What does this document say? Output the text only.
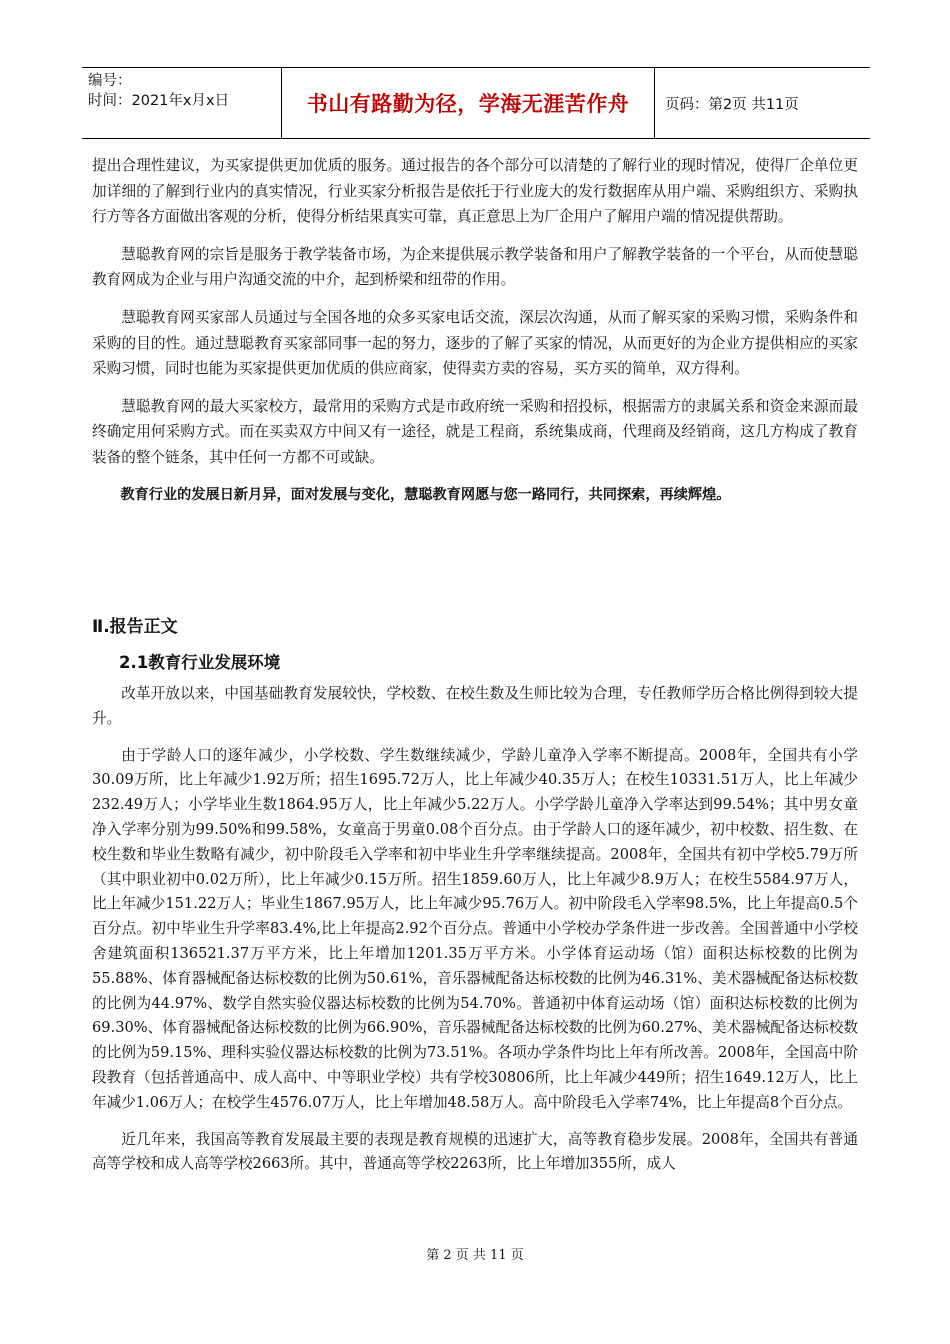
编号：
时间：2021年x月x日	书山有路勤为径，学海无涯苦作舟 页码：第2页 共11页

提出合理性建议，为买家提供更加优质的服务。通过报告的各个部分可以清楚的了解行业的现时情况，使得厂企单位更加详细的了解到行业内的真实情况，行业买家分析报告是依托于行业庞大的发行数据库从用户端、采购组织方、采购执行方等各方面做出客观的分析，使得分析结果真实可靠，真正意思上为厂企用户了解用户端的情况提供帮助。

慧聪教育网的宗旨是服务于教学装备市场，为企来提供展示教学装备和用户了解教学装备的一个平台，从而使慧聪教育网成为企业与用户沟通交流的中介，起到桥梁和纽带的作用。

慧聪教育网买家部人员通过与全国各地的众多买家电话交流，深层次沟通，从而了解买家的采购习惯，采购条件和采购的目的性。通过慧聪教育买家部同事一起的努力，逐步的了解了买家的情况，从而更好的为企业方提供相应的买家采购习惯，同时也能为买家提供更加优质的供应商家，使得卖方卖的容易，买方买的简单，双方得利。

慧聪教育网的最大买家校方，最常用的采购方式是市政府统一采购和招投标，根据需方的隶属关系和资金来源而最终确定用何采购方式。而在买卖双方中间又有一途径，就是工程商，系统集成商，代理商及经销商，这几方构成了教育装备的整个链条，其中任何一方都不可或缺。

教育行业的发展日新月异，面对发展与变化，慧聪教育网愿与您一路同行，共同探索，再续辉煌。

Ⅱ.报告正文
2.1教育行业发展环境

改革开放以来，中国基础教育发展较快，学校数、在校生数及生师比较为合理，专任教师学历合格比例得到较大提升。

由于学龄人口的逐年减少，小学校数、学生数继续减少，学龄儿童净入学率不断提高。2008年，全国共有小学30.09万所，比上年减少1.92万所；招生1695.72万人，比上年减少40.35万人；在校生10331.51万人，比上年减少232.49万人；小学毕业生数1864.95万人，比上年减少5.22万人。小学学龄儿童净入学率达到99.54%；其中男女童净入学率分别为99.50%和99.58%，女童高于男童0.08个百分点。由于学龄人口的逐年减少，初中校数、招生数、在校生数和毕业生数略有减少，初中阶段毛入学率和初中毕业生升学率继续提高。2008年，全国共有初中学校5.79万所（其中职业初中0.02万所），比上年减少0.15万所。招生1859.60万人，比上年减少8.9万人；在校生5584.97万人，比上年减少151.22万人；毕业生1867.95万人，比上年减少95.76万人。初中阶段毛入学率98.5%，比上年提高0.5个百分点。初中毕业生升学率83.4%,比上年提高2.92个百分点。普通中小学校办学条件进一步改善。全国普通中小学校舍建筑面积136521.37万平方米，比上年增加1201.35万平方米。小学体育运动场（馆）面积达标校数的比例为55.88%、体育器械配备达标校数的比例为50.61%，音乐器械配备达标校数的比例为46.31%、美术器械配备达标校数的比例为44.97%、数学自然实验仪器达标校数的比例为54.70%。普通初中体育运动场（馆）面积达标校数的比例为69.30%、体育器械配备达标校数的比例为66.90%，音乐器械配备达标校数的比例为60.27%、美术器械配备达标校数的比例为59.15%、理科实验仪器达标校数的比例为73.51%。各项办学条件均比上年有所改善。2008年，全国高中阶段教育（包括普通高中、成人高中、中等职业学校）共有学校30806所，比上年减少449所；招生1649.12万人，比上年减少1.06万人；在校学生4576.07万人，比上年增加48.58万人。高中阶段毛入学率74%，比上年提高8个百分点。

近几年来，我国高等教育发展最主要的表现是教育规模的迅速扩大，高等教育稳步发展。2008年，全国共有普通高等学校和成人高等学校2663所。其中，普通高等学校2263所，比上年增加355所，成人

第 2 页 共 11 页
